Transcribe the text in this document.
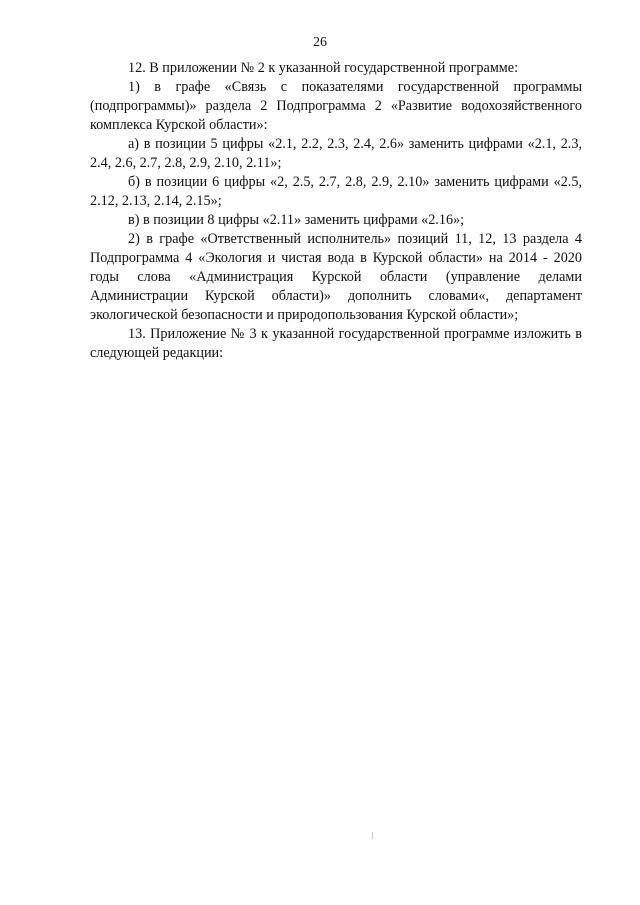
26

12. В приложении № 2 к указанной государственной программе:

1) в графе «Связь с показателями государственной программы (подпрограммы)» раздела 2 Подпрограмма 2 «Развитие водохозяйственного комплекса Курской области»:

а) в позиции 5 цифры «2.1, 2.2, 2.3, 2.4, 2.6» заменить цифрами «2.1, 2.3, 2.4, 2.6, 2.7, 2.8, 2.9, 2.10, 2.11»;

б) в позиции 6 цифры «2, 2.5, 2.7, 2.8, 2.9, 2.10» заменить цифрами «2.5, 2.12, 2.13, 2.14, 2.15»;

в) в позиции 8 цифры «2.11» заменить цифрами «2.16»;

2) в графе «Ответственный исполнитель» позиций 11, 12, 13 раздела 4 Подпрограмма 4 «Экология и чистая вода в Курской области» на 2014 - 2020 годы слова «Администрация Курской области (управление делами Администрации Курской области)» дополнить словами«, департамент экологической безопасности и природопользования Курской области»;

13. Приложение № 3 к указанной государственной программе изложить в следующей редакции:
